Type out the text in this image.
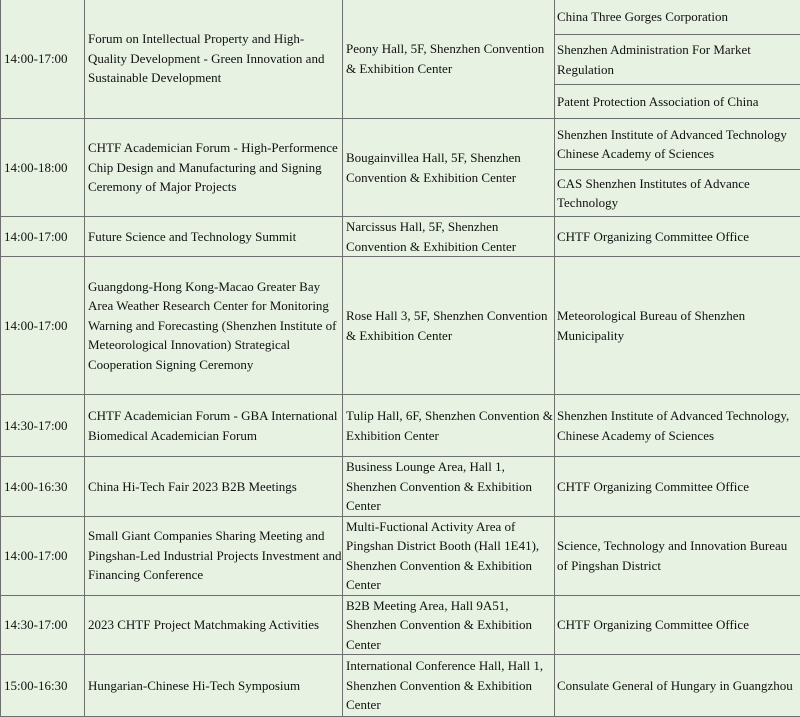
14:00-17:00	Forum on Intellectual Property and High-Quality Development - Green Innovation and Sustainable Development	Peony Hall, 5F, Shenzhen Convention & Exhibition Center	China Three Gorges Corporation
			Shenzhen Administration For Market Regulation
			Patent Protection Association of China
14:00-18:00	CHTF Academician Forum - High-Performence Chip Design and Manufacturing and Signing Ceremony of Major Projects	Bougainvillea Hall, 5F, Shenzhen Convention & Exhibition Center	Shenzhen Institute of Advanced Technology Chinese Academy of Sciences
			CAS Shenzhen Institutes of Advance Technology
14:00-17:00	Future Science and Technology Summit	Narcissus Hall, 5F, Shenzhen Convention & Exhibition Center	CHTF Organizing Committee Office
14:00-17:00	Guangdong-Hong Kong-Macao Greater Bay Area Weather Research Center for Monitoring Warning and Forecasting (Shenzhen Institute of Meteorological Innovation) Strategical Cooperation Signing Ceremony	Rose Hall 3, 5F, Shenzhen Convention & Exhibition Center	Meteorological Bureau of Shenzhen Municipality
14:30-17:00	CHTF Academician Forum - GBA International Biomedical Academician Forum	Tulip Hall, 6F, Shenzhen Convention & Exhibition Center	Shenzhen Institute of Advanced Technology, Chinese Academy of Sciences
14:00-16:30	China Hi-Tech Fair 2023 B2B Meetings	Business Lounge Area, Hall 1, Shenzhen Convention & Exhibition Center	CHTF Organizing Committee Office
14:00-17:00	Small Giant Companies Sharing Meeting and Pingshan-Led Industrial Projects Investment and Financing Conference	Multi-Fuctional Activity Area of Pingshan District Booth (Hall 1E41), Shenzhen Convention & Exhibition Center	Science, Technology and Innovation Bureau of Pingshan District
14:30-17:00	2023 CHTF Project Matchmaking Activities	B2B Meeting Area, Hall 9A51, Shenzhen Convention & Exhibition Center	CHTF Organizing Committee Office
15:00-16:30	Hungarian-Chinese Hi-Tech Symposium	International Conference Hall, Hall 1, Shenzhen Convention & Exhibition Center	Consulate General of Hungary in Guangzhou
